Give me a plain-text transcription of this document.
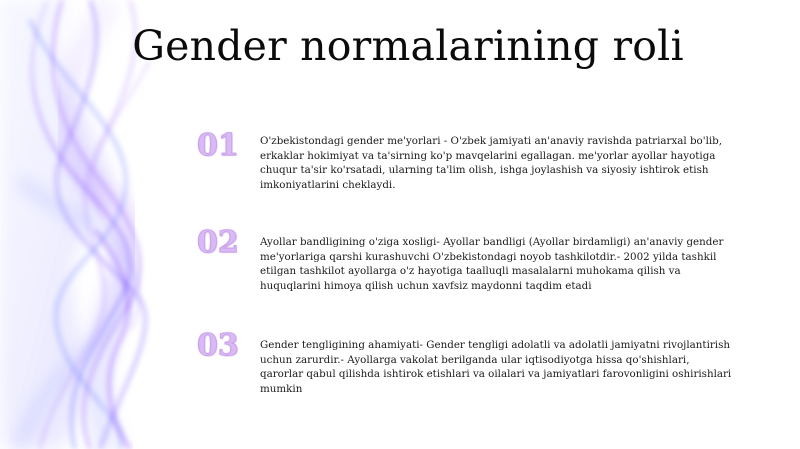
Gender normalarining roli
01	O'zbekistondagi gender me'yorlari - O'zbek jamiyati an'anaviy ravishda patriarxal bo'lib, erkaklar hokimiyat va ta'sirning ko'p mavqelarini egallagan. me'yorlar ayollar hayotiga chuqur ta'sir ko'rsatadi, ularning ta'lim olish, ishga joylashish va siyosiy ishtirok etish imkoniyatlarini cheklaydi.

02	Ayollar bandligining o'ziga xosligi- Ayollar bandligi (Ayollar birdamligi) an'anaviy gender me'yorlariga qarshi kurashuvchi O'zbekistondagi noyob tashkilotdir.- 2002 yilda tashkil etilgan tashkilot ayollarga o'z hayotiga taalluqli masalalarni muhokama qilish va huquqlarini himoya qilish uchun xavfsiz maydonni taqdim etadi

03	Gender tengligining ahamiyati- Gender tengligi adolatli va adolatli jamiyatni rivojlantirish uchun zarurdir.- Ayollarga vakolat berilganda ular iqtisodiyotga hissa qo'shishlari, qarorlar qabul qilishda ishtirok etishlari va oilalari va jamiyatlari farovonligini oshirishlari mumkin
